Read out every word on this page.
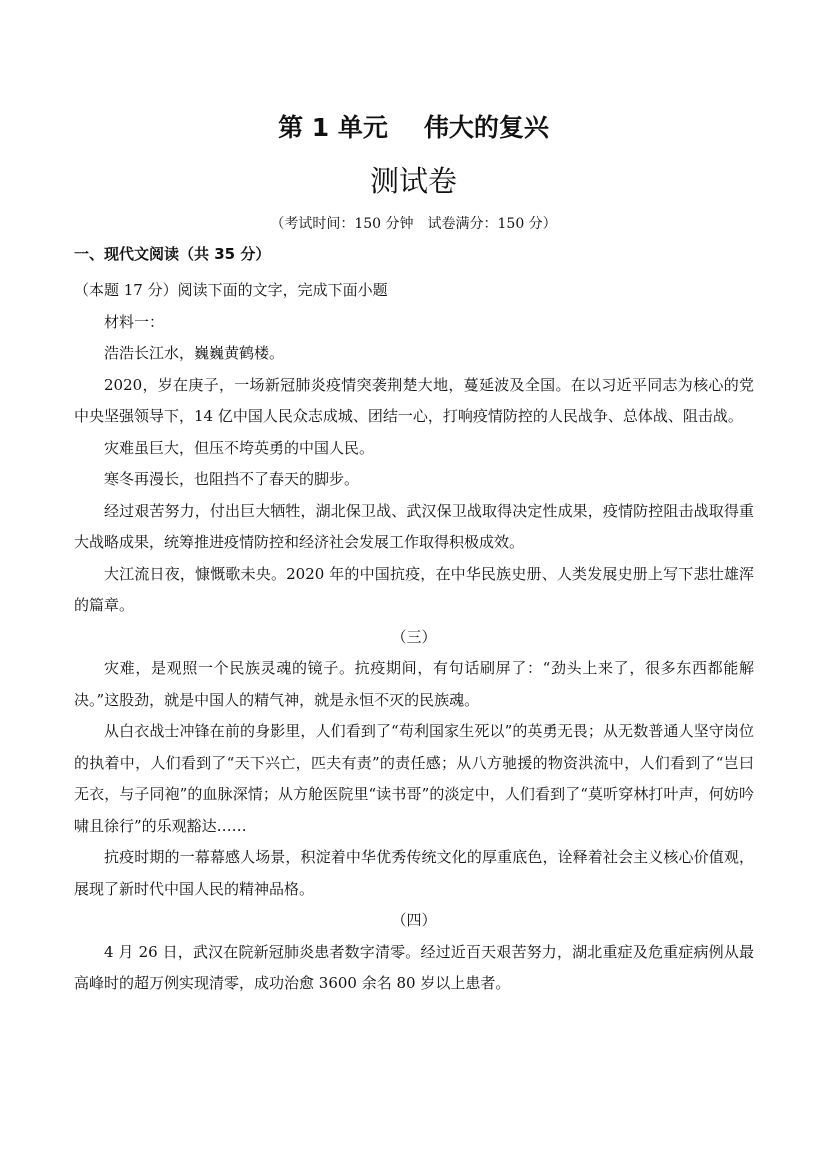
第 1 单元 伟大的复兴
测试卷
（考试时间：150 分钟 试卷满分：150 分）
一、现代文阅读（共 35 分）

（本题 17 分）阅读下面的文字，完成下面小题

材料一：

浩浩长江水，巍巍黄鹤楼。

2020，岁在庚子，一场新冠肺炎疫情突袭荆楚大地，蔓延波及全国。在以习近平同志为核心的党中央坚强领导下，14 亿中国人民众志成城、团结一心，打响疫情防控的人民战争、总体战、阻击战。

灾难虽巨大，但压不垮英勇的中国人民。

寒冬再漫长，也阻挡不了春天的脚步。

经过艰苦努力，付出巨大牺牲，湖北保卫战、武汉保卫战取得决定性成果，疫情防控阻击战取得重大战略成果，统筹推进疫情防控和经济社会发展工作取得积极成效。

大江流日夜，慷慨歌未央。2020 年的中国抗疫，在中华民族史册、人类发展史册上写下悲壮雄浑的篇章。

（三）

灾难，是观照一个民族灵魂的镜子。抗疫期间，有句话刷屏了：“劲头上来了，很多东西都能解决。”这股劲，就是中国人的精气神，就是永恒不灭的民族魂。

从白衣战士冲锋在前的身影里，人们看到了“苟利国家生死以”的英勇无畏；从无数普通人坚守岗位的执着中，人们看到了“天下兴亡，匹夫有责”的责任感；从八方驰援的物资洪流中，人们看到了“岂曰无衣，与子同袍”的血脉深情；从方舱医院里“读书哥”的淡定中，人们看到了“莫听穿林打叶声，何妨吟啸且徐行”的乐观豁达……

抗疫时期的一幕幕感人场景，积淀着中华优秀传统文化的厚重底色，诠释着社会主义核心价值观，展现了新时代中国人民的精神品格。

（四）

4 月 26 日，武汉在院新冠肺炎患者数字清零。经过近百天艰苦努力，湖北重症及危重症病例从最高峰时的超万例实现清零，成功治愈 3600 余名 80 岁以上患者。
